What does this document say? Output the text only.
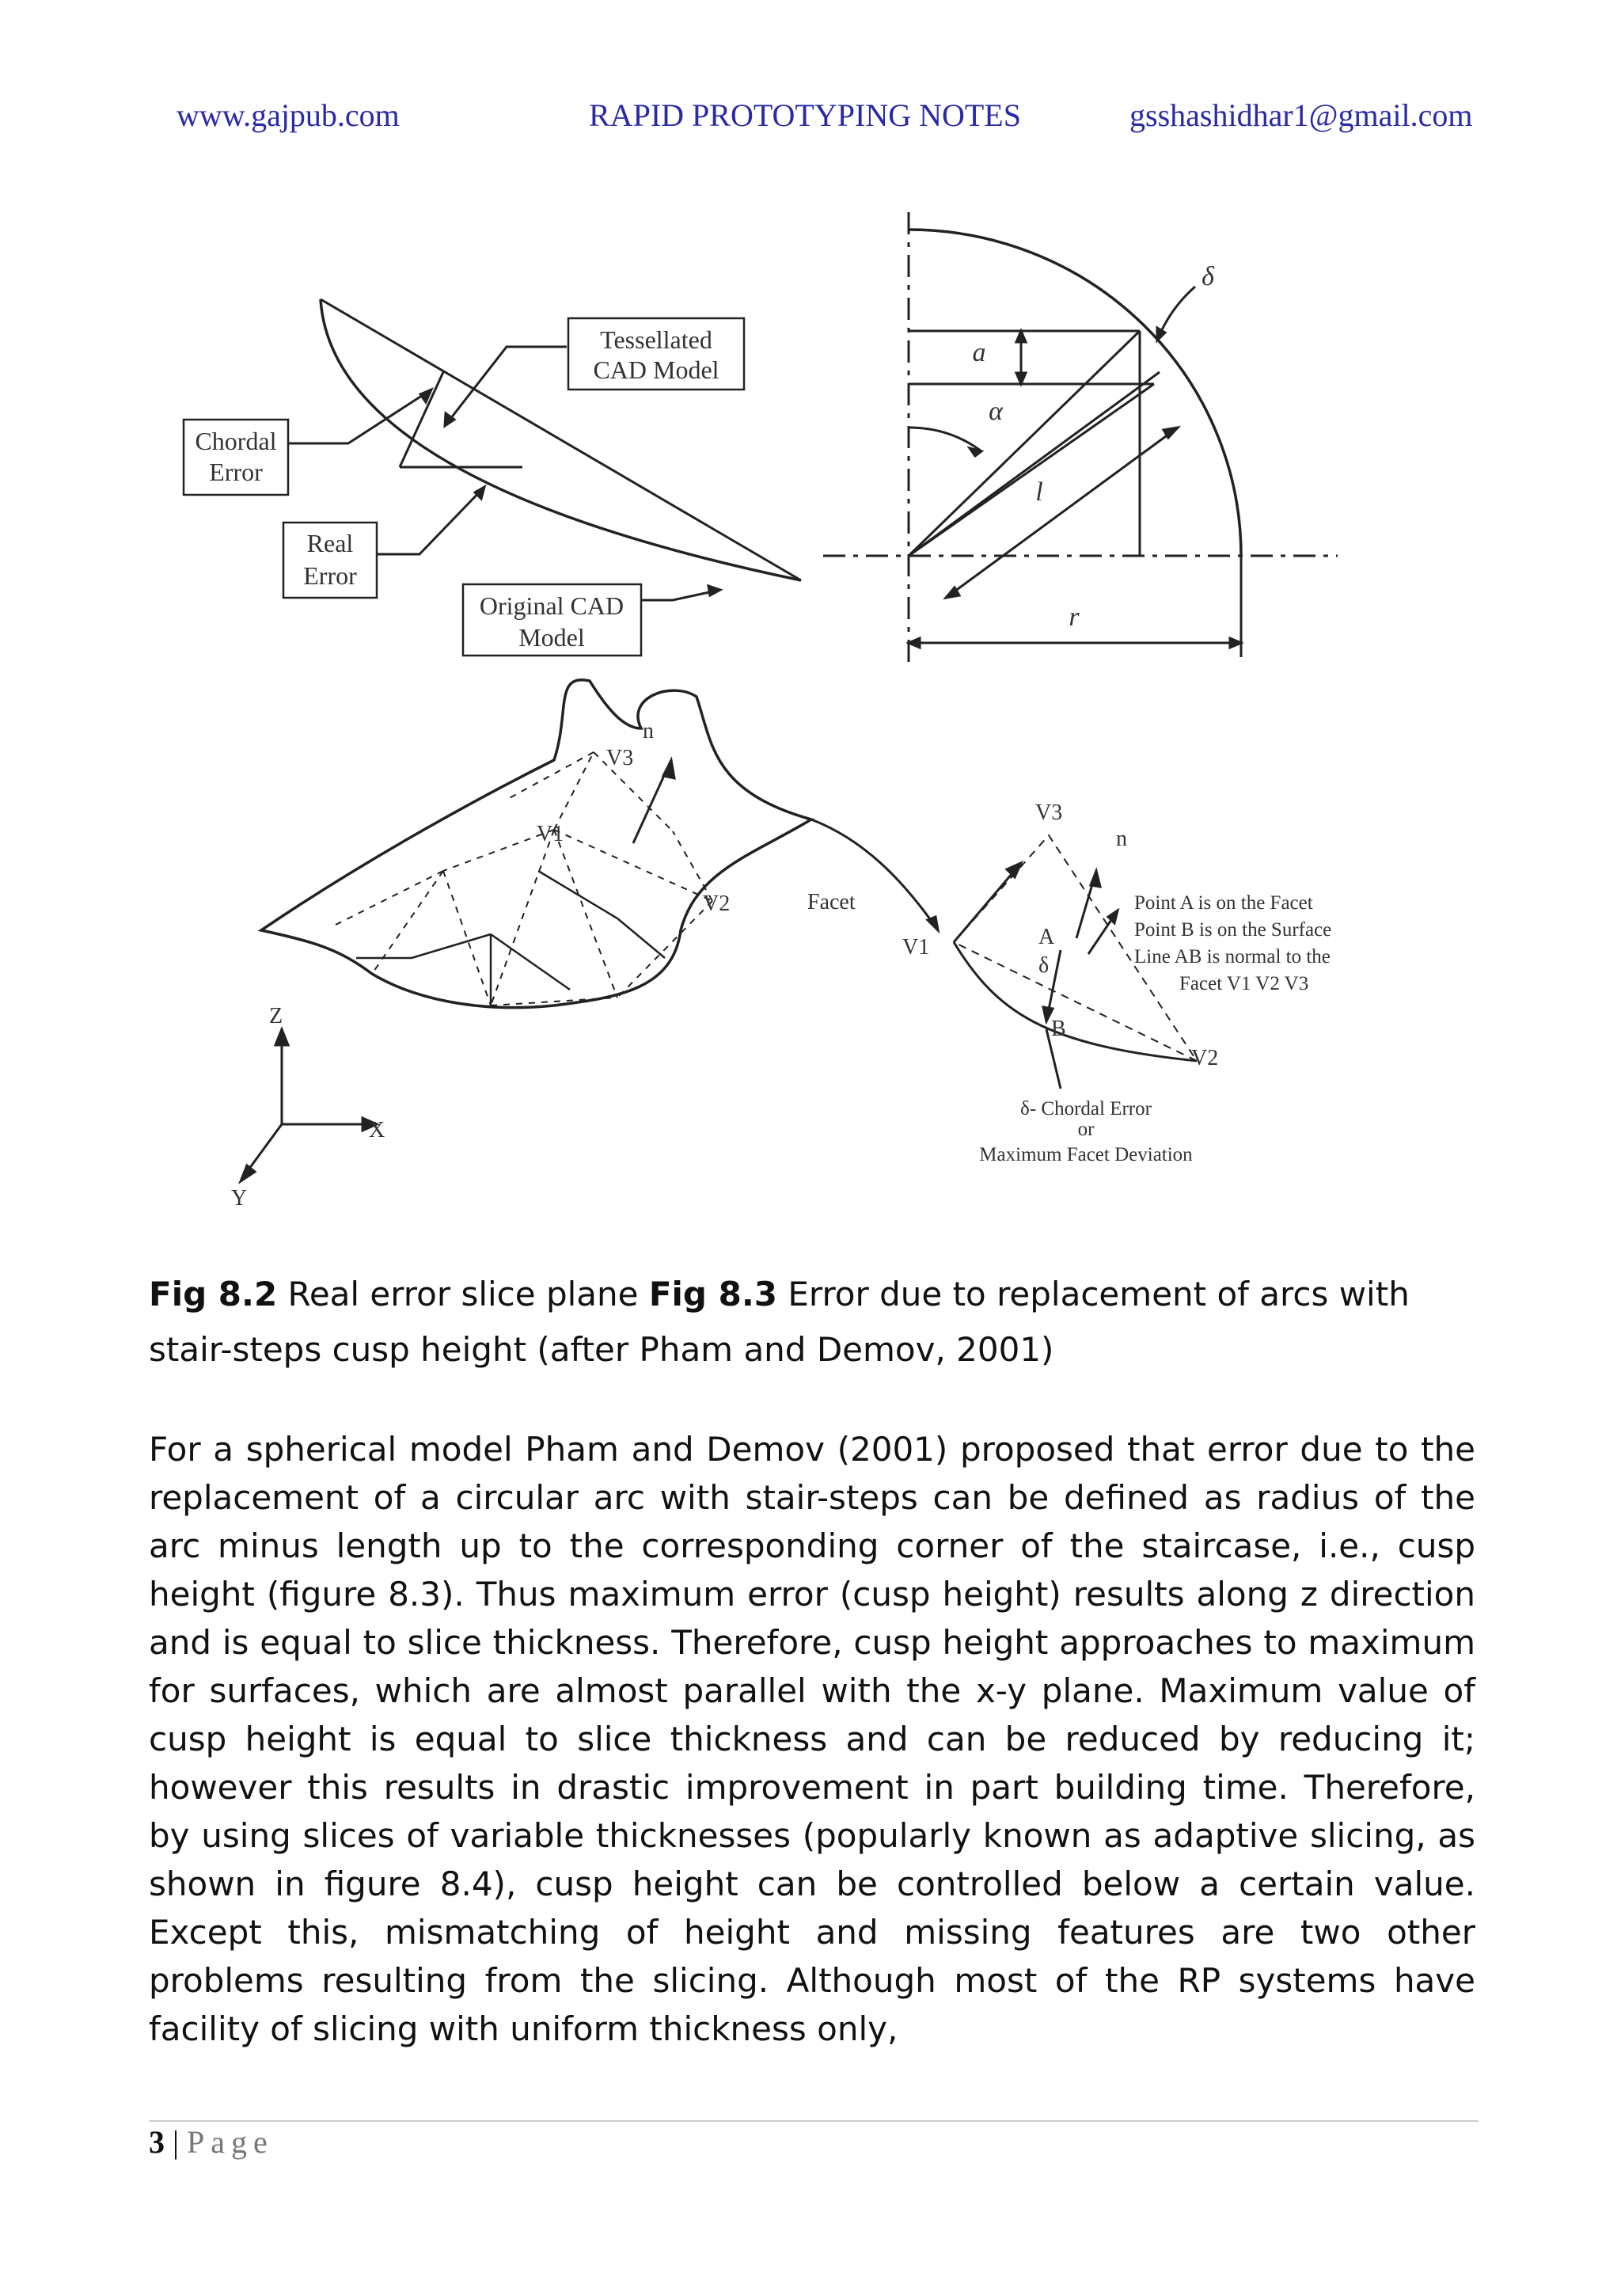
www.gajpub.com	RAPID PROTOTYPING NOTES	gsshashidhar1@gmail.com
Tessellated
CAD Model
Chordal
Error
Real
Error
Original CAD
Model
δ
a
α
l
r
V3
n
V1
V2	Facet
V3
n
V1	A
δ
B
V2
Z
X
Y
Point A is on the Facet
Point B is on the Surface
Line AB is normal to the
Facet V1 V2 V3
δ- Chordal Error
or
Maximum Facet Deviation
Fig 8.2 Real error slice plane Fig 8.3 Error due to replacement of arcs with stair-steps cusp height (after Pham and Demov, 2001)
For a spherical model Pham and Demov (2001) proposed that error due to the replacement of a circular arc with stair-steps can be defined as radius of the arc minus length up to the corresponding corner of the staircase, i.e., cusp height (figure 8.3). Thus maximum error (cusp height) results along z direction and is equal to slice thickness. Therefore, cusp height approaches to maximum for surfaces, which are almost parallel with the x-y plane. Maximum value of cusp height is equal to slice thickness and can be reduced by reducing it; however this results in drastic improvement in part building time. Therefore, by using slices of variable thicknesses (popularly known as adaptive slicing, as shown in figure 8.4), cusp height can be controlled below a certain value. Except this, mismatching of height and missing features are two other problems resulting from the slicing. Although most of the RP systems have facility of slicing with uniform thickness only,
3 | Page
